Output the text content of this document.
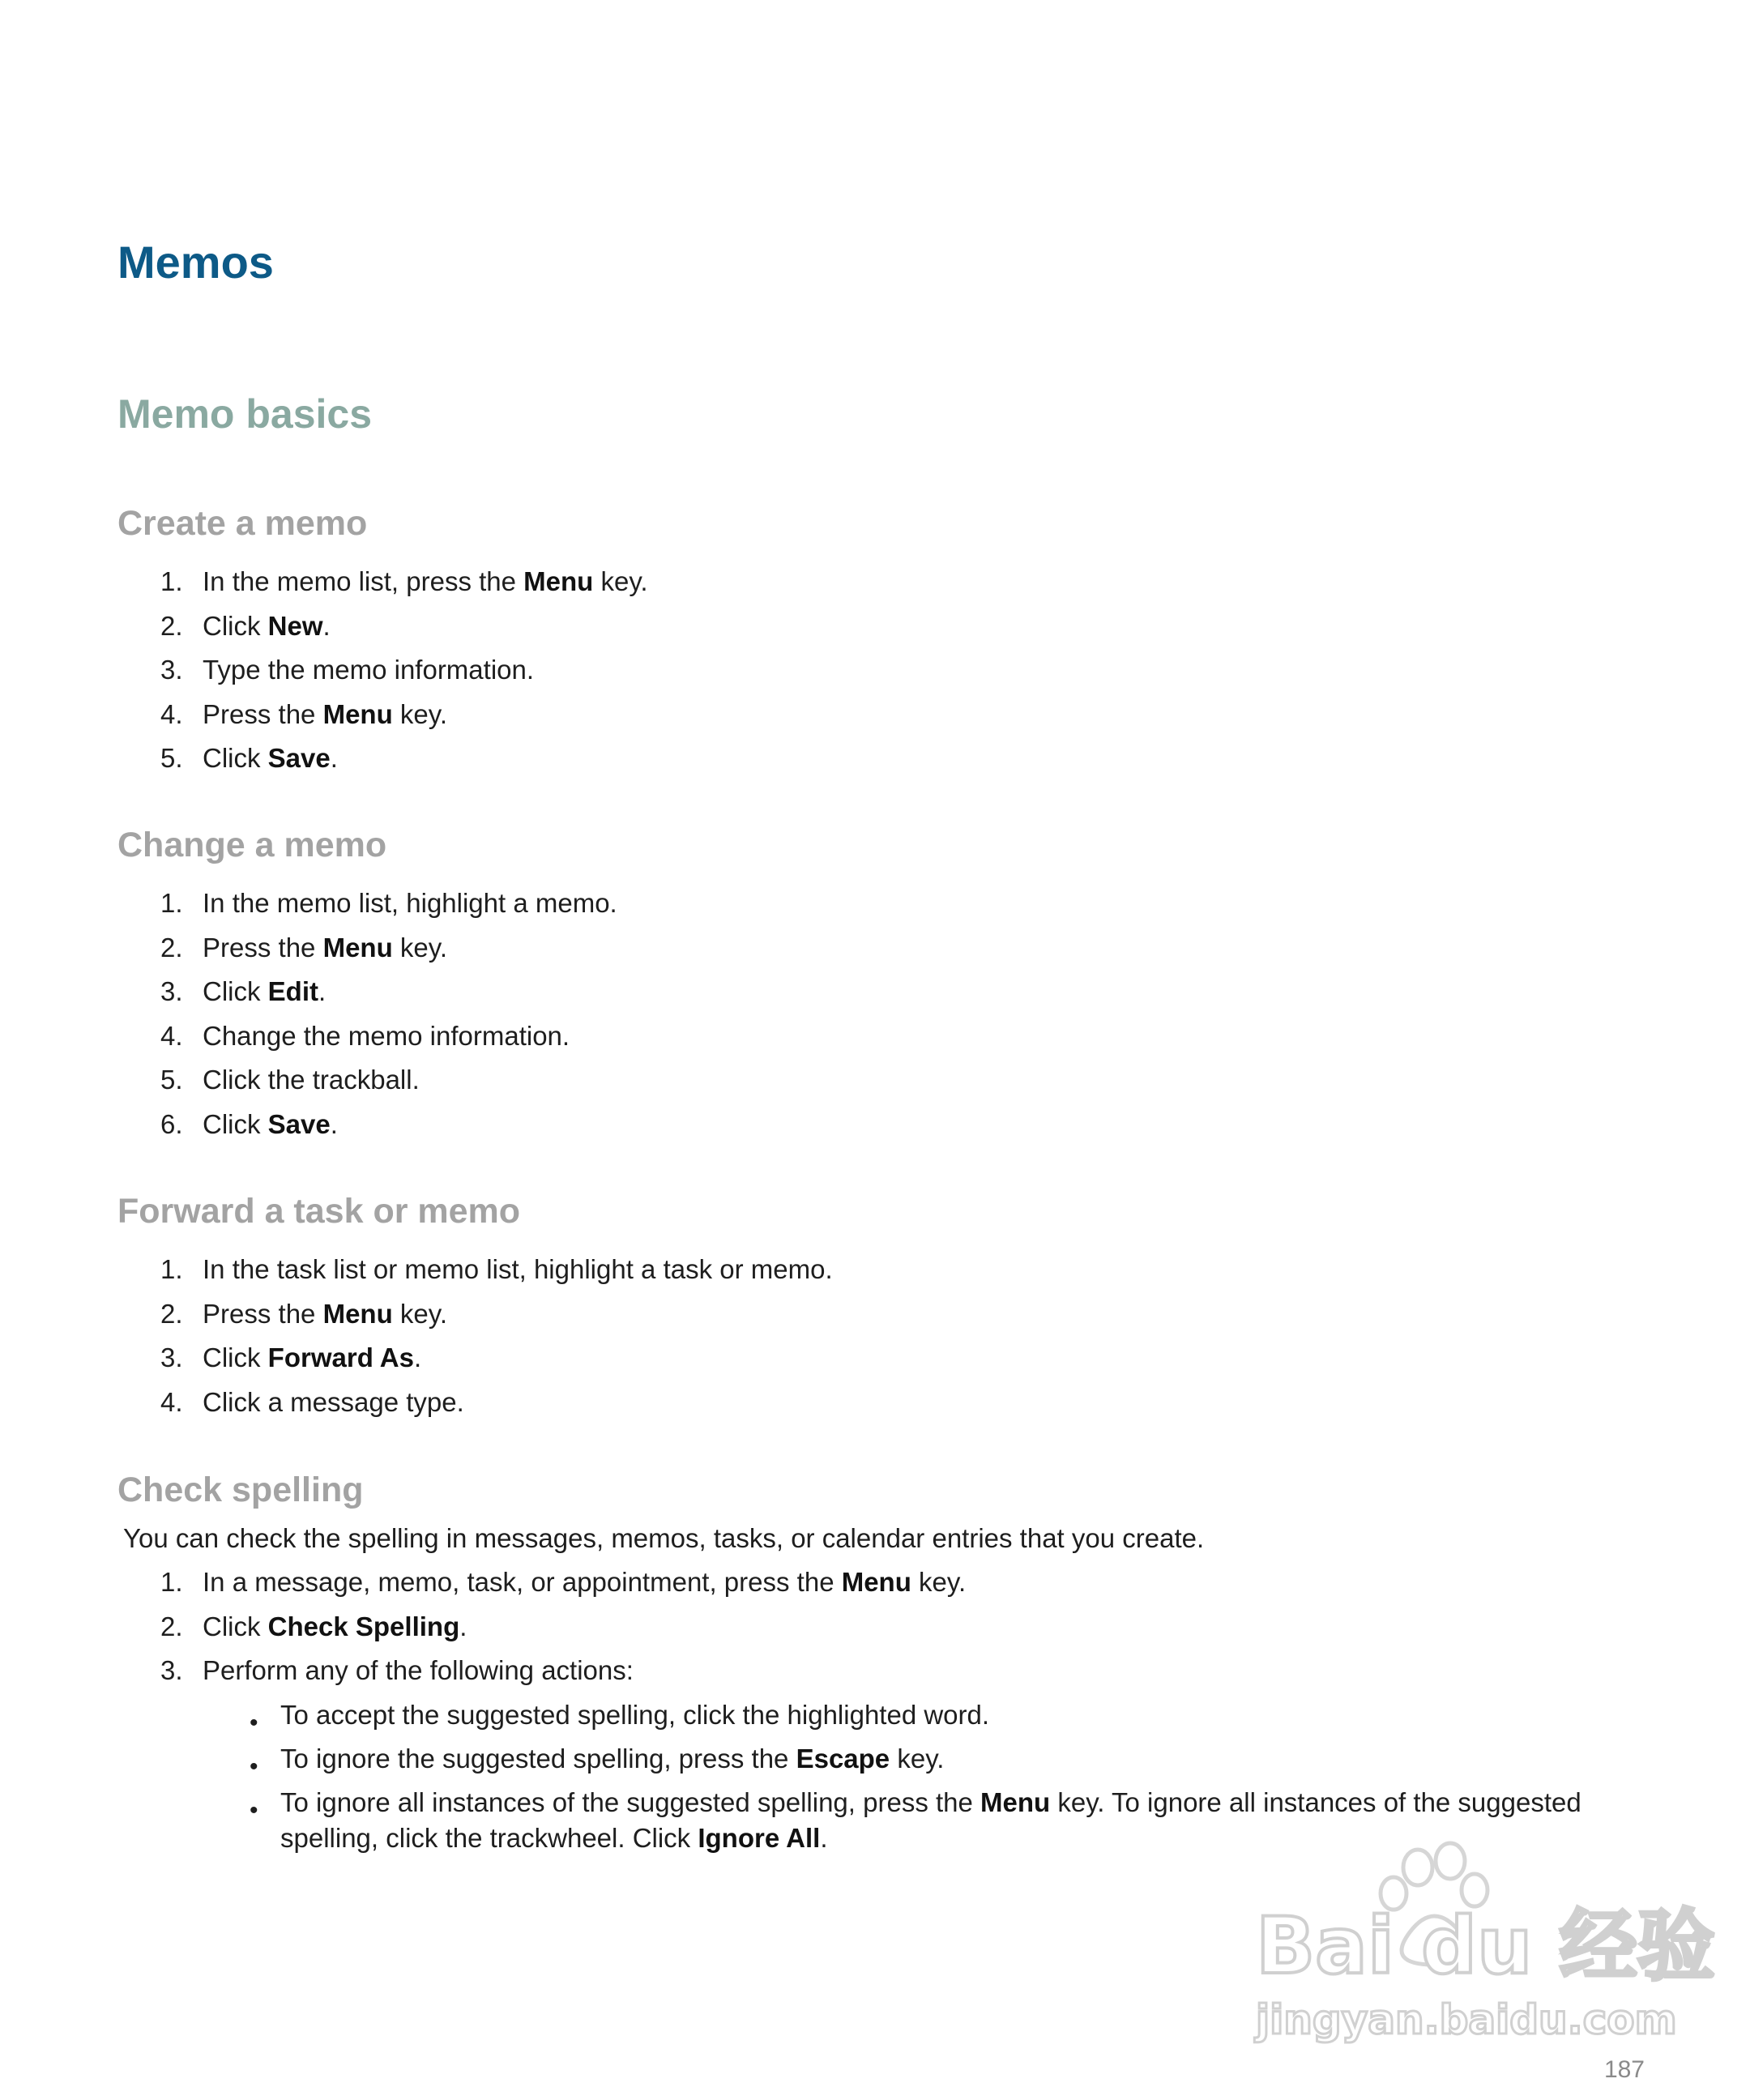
Memos
Memo basics
Create a memo
1. In the memo list, press the Menu key.
2. Click New.
3. Type the memo information.
4. Press the Menu key.
5. Click Save.
Change a memo
1. In the memo list, highlight a memo.
2. Press the Menu key.
3. Click Edit.
4. Change the memo information.
5. Click the trackball.
6. Click Save.
Forward a task or memo
1. In the task list or memo list, highlight a task or memo.
2. Press the Menu key.
3. Click Forward As.
4. Click a message type.
Check spelling

You can check the spelling in messages, memos, tasks, or calendar entries that you create.

1. In a message, memo, task, or appointment, press the Menu key.
2. Click Check Spelling.
3. Perform any of the following actions:
• To accept the suggested spelling, click the highlighted word.
• To ignore the suggested spelling, press the Escape key.
• To ignore all instances of the suggested spelling, press the Menu key. To ignore all instances of the suggested spelling, click the trackwheel. Click Ignore All.
Bai du 经验
jingyan.baidu.com
187
